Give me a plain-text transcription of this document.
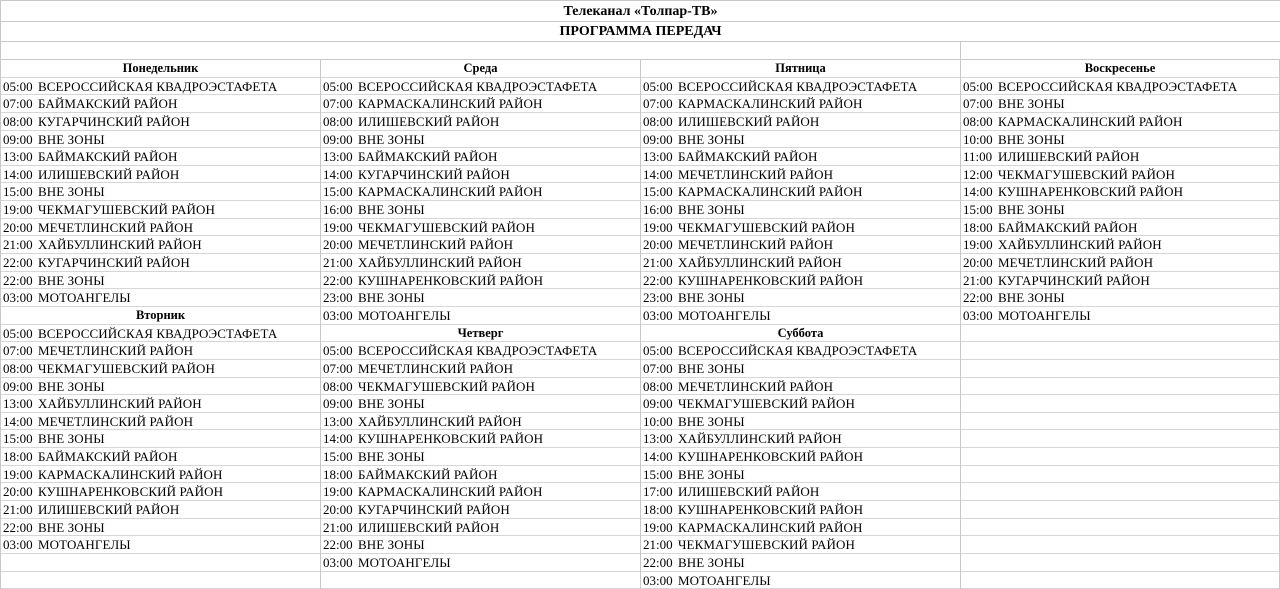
Телеканал «Толпар-ТВ»
ПРОГРАММА ПЕРЕДАЧ
Понедельник
05:00 ВСЕРОССИЙСКАЯ КВАДРОЭСТАФЕТА
07:00 БАЙМАКСКИЙ РАЙОН
08:00 КУГАРЧИНСКИЙ РАЙОН
09:00 ВНЕ ЗОНЫ
13:00 БАЙМАКСКИЙ РАЙОН
14:00 ИЛИШЕВСКИЙ РАЙОН
15:00 ВНЕ ЗОНЫ
19:00 ЧЕКМАГУШЕВСКИЙ РАЙОН
20:00 МЕЧЕТЛИНСКИЙ РАЙОН
21:00 ХАЙБУЛЛИНСКИЙ РАЙОН
22:00 КУГАРЧИНСКИЙ РАЙОН
22:00 ВНЕ ЗОНЫ
03:00 МОТОАНГЕЛЫ
Вторник
05:00 ВСЕРОССИЙСКАЯ КВАДРОЭСТАФЕТА
07:00 МЕЧЕТЛИНСКИЙ РАЙОН
08:00 ЧЕКМАГУШЕВСКИЙ РАЙОН
09:00 ВНЕ ЗОНЫ
13:00 ХАЙБУЛЛИНСКИЙ РАЙОН
14:00 МЕЧЕТЛИНСКИЙ РАЙОН
15:00 ВНЕ ЗОНЫ
18:00 БАЙМАКСКИЙ РАЙОН
19:00 КАРМАСКАЛИНСКИЙ РАЙОН
20:00 КУШНАРЕНКОВСКИЙ РАЙОН
21:00 ИЛИШЕВСКИЙ РАЙОН
22:00 ВНЕ ЗОНЫ
03:00 МОТОАНГЕЛЫ
Среда
05:00 ВСЕРОССИЙСКАЯ КВАДРОЭСТАФЕТА
07:00 КАРМАСКАЛИНСКИЙ РАЙОН
08:00 ИЛИШЕВСКИЙ РАЙОН
09:00 ВНЕ ЗОНЫ
13:00 БАЙМАКСКИЙ РАЙОН
14:00 КУГАРЧИНСКИЙ РАЙОН
15:00 КАРМАСКАЛИНСКИЙ РАЙОН
16:00 ВНЕ ЗОНЫ
19:00 ЧЕКМАГУШЕВСКИЙ РАЙОН
20:00 МЕЧЕТЛИНСКИЙ РАЙОН
21:00 ХАЙБУЛЛИНСКИЙ РАЙОН
22:00 КУШНАРЕНКОВСКИЙ РАЙОН
23:00 ВНЕ ЗОНЫ
03:00 МОТОАНГЕЛЫ
Четверг
05:00 ВСЕРОССИЙСКАЯ КВАДРОЭСТАФЕТА
07:00 МЕЧЕТЛИНСКИЙ РАЙОН
08:00 ЧЕКМАГУШЕВСКИЙ РАЙОН
09:00 ВНЕ ЗОНЫ
13:00 ХАЙБУЛЛИНСКИЙ РАЙОН
14:00 КУШНАРЕНКОВСКИЙ РАЙОН
15:00 ВНЕ ЗОНЫ
18:00 БАЙМАКСКИЙ РАЙОН
19:00 КАРМАСКАЛИНСКИЙ РАЙОН
20:00 КУГАРЧИНСКИЙ РАЙОН
21:00 ИЛИШЕВСКИЙ РАЙОН
22:00 ВНЕ ЗОНЫ
03:00 МОТОАНГЕЛЫ
Пятница
05:00 ВСЕРОССИЙСКАЯ КВАДРОЭСТАФЕТА
07:00 КАРМАСКАЛИНСКИЙ РАЙОН
08:00 ИЛИШЕВСКИЙ РАЙОН
09:00 ВНЕ ЗОНЫ
13:00 БАЙМАКСКИЙ РАЙОН
14:00 МЕЧЕТЛИНСКИЙ РАЙОН
15:00 КАРМАСКАЛИНСКИЙ РАЙОН
16:00 ВНЕ ЗОНЫ
19:00 ЧЕКМАГУШЕВСКИЙ РАЙОН
20:00 МЕЧЕТЛИНСКИЙ РАЙОН
21:00 ХАЙБУЛЛИНСКИЙ РАЙОН
22:00 КУШНАРЕНКОВСКИЙ РАЙОН
23:00 ВНЕ ЗОНЫ
03:00 МОТОАНГЕЛЫ
Суббота
05:00 ВСЕРОССИЙСКАЯ КВАДРОЭСТАФЕТА
07:00 ВНЕ ЗОНЫ
08:00 МЕЧЕТЛИНСКИЙ РАЙОН
09:00 ЧЕКМАГУШЕВСКИЙ РАЙОН
10:00 ВНЕ ЗОНЫ
13:00 ХАЙБУЛЛИНСКИЙ РАЙОН
14:00 КУШНАРЕНКОВСКИЙ РАЙОН
15:00 ВНЕ ЗОНЫ
17:00 ИЛИШЕВСКИЙ РАЙОН
18:00 КУШНАРЕНКОВСКИЙ РАЙОН
19:00 КАРМАСКАЛИНСКИЙ РАЙОН
21:00 ЧЕКМАГУШЕВСКИЙ РАЙОН
22:00 ВНЕ ЗОНЫ
03:00 МОТОАНГЕЛЫ
Воскресенье
05:00 ВСЕРОССИЙСКАЯ КВАДРОЭСТАФЕТА
07:00 ВНЕ ЗОНЫ
08:00 КАРМАСКАЛИНСКИЙ РАЙОН
10:00 ВНЕ ЗОНЫ
11:00 ИЛИШЕВСКИЙ РАЙОН
12:00 ЧЕКМАГУШЕВСКИЙ РАЙОН
14:00 КУШНАРЕНКОВСКИЙ РАЙОН
15:00 ВНЕ ЗОНЫ
18:00 БАЙМАКСКИЙ РАЙОН
19:00 ХАЙБУЛЛИНСКИЙ РАЙОН
20:00 МЕЧЕТЛИНСКИЙ РАЙОН
21:00 КУГАРЧИНСКИЙ РАЙОН
22:00 ВНЕ ЗОНЫ
03:00 МОТОАНГЕЛЫ
